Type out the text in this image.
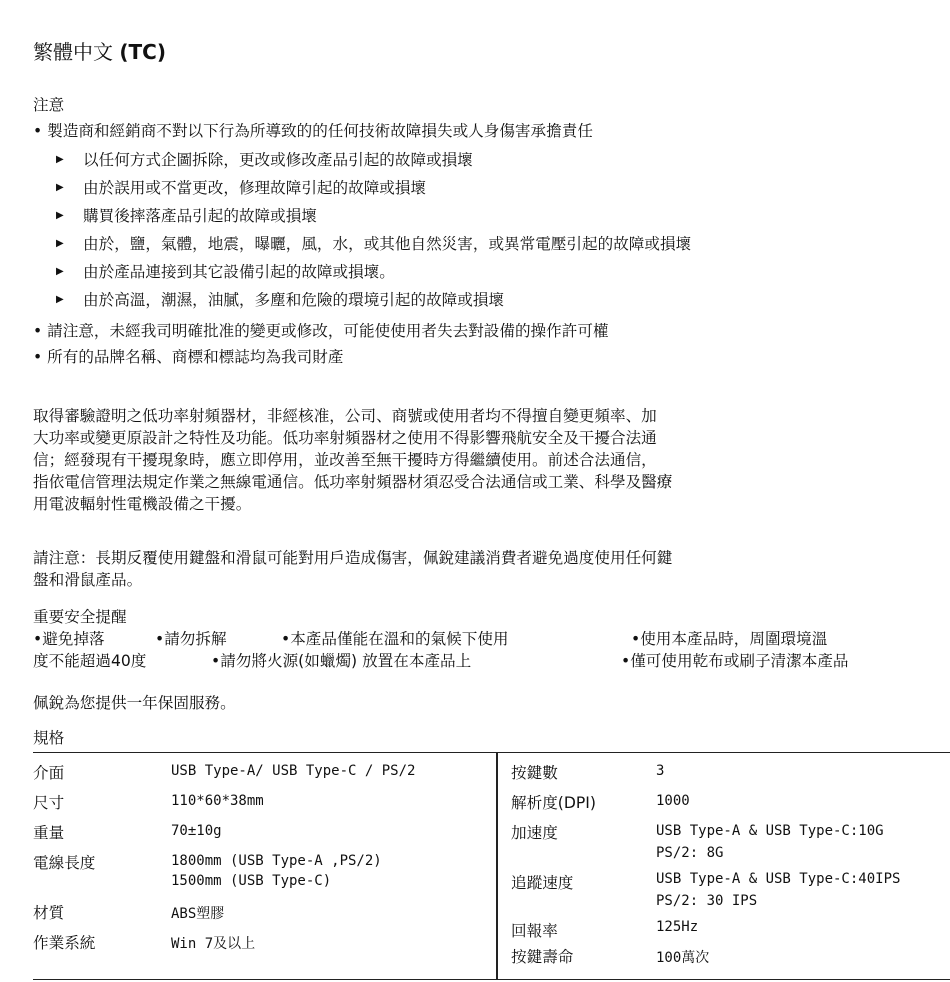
繁體中文 (TC)
注意
• 製造商和經銷商不對以下行為所導致的的任何技術故障損失或人身傷害承擔責任
▶ 以任何方式企圖拆除，更改或修改產品引起的故障或損壞
▶ 由於誤用或不當更改，修理故障引起的故障或損壞
▶ 購買後摔落產品引起的故障或損壞
▶ 由於，鹽，氣體，地震，曝曬，風，水，或其他自然災害，或異常電壓引起的故障或損壞
▶ 由於產品連接到其它設備引起的故障或損壞。
▶ 由於高溫，潮濕，油膩，多塵和危險的環境引起的故障或損壞
• 請注意，未經我司明確批准的變更或修改，可能使使用者失去對設備的操作許可權
• 所有的品牌名稱、商標和標誌均為我司財產
取得審驗證明之低功率射頻器材，非經核准，公司、商號或使用者均不得擅自變更頻率、加
大功率或變更原設計之特性及功能。低功率射頻器材之使用不得影響飛航安全及干擾合法通
信；經發現有干擾現象時，應立即停用，並改善至無干擾時方得繼續使用。前述合法通信，
指依電信管理法規定作業之無線電通信。低功率射頻器材須忍受合法通信或工業、科學及醫療
用電波輻射性電機設備之干擾。
請注意：長期反覆使用鍵盤和滑鼠可能對用戶造成傷害，佩銳建議消費者避免過度使用任何鍵
盤和滑鼠產品。
重要安全提醒
•避免掉落	•請勿拆解	•本產品僅能在溫和的氣候下使用	•使用本產品時，周圍環境溫
度不能超過40度	•請勿將火源(如蠟燭) 放置在本產品上	•僅可使用乾布或刷子清潔本產品
佩銳為您提供一年保固服務。
規格
介面	USB Type-A/ USB Type-C / PS/2
尺寸	110*60*38mm
重量	70±10g
電線長度	1800mm (USB Type-A ,PS/2)
1500mm (USB Type-C)
材質	ABS塑膠
作業系統	Win 7及以上
按鍵數	3
解析度(DPI)	1000
加速度	USB Type-A & USB Type-C:10G
PS/2: 8G
追蹤速度	USB Type-A & USB Type-C:40IPS
PS/2: 30 IPS
回報率	125Hz
按鍵壽命	100萬次
